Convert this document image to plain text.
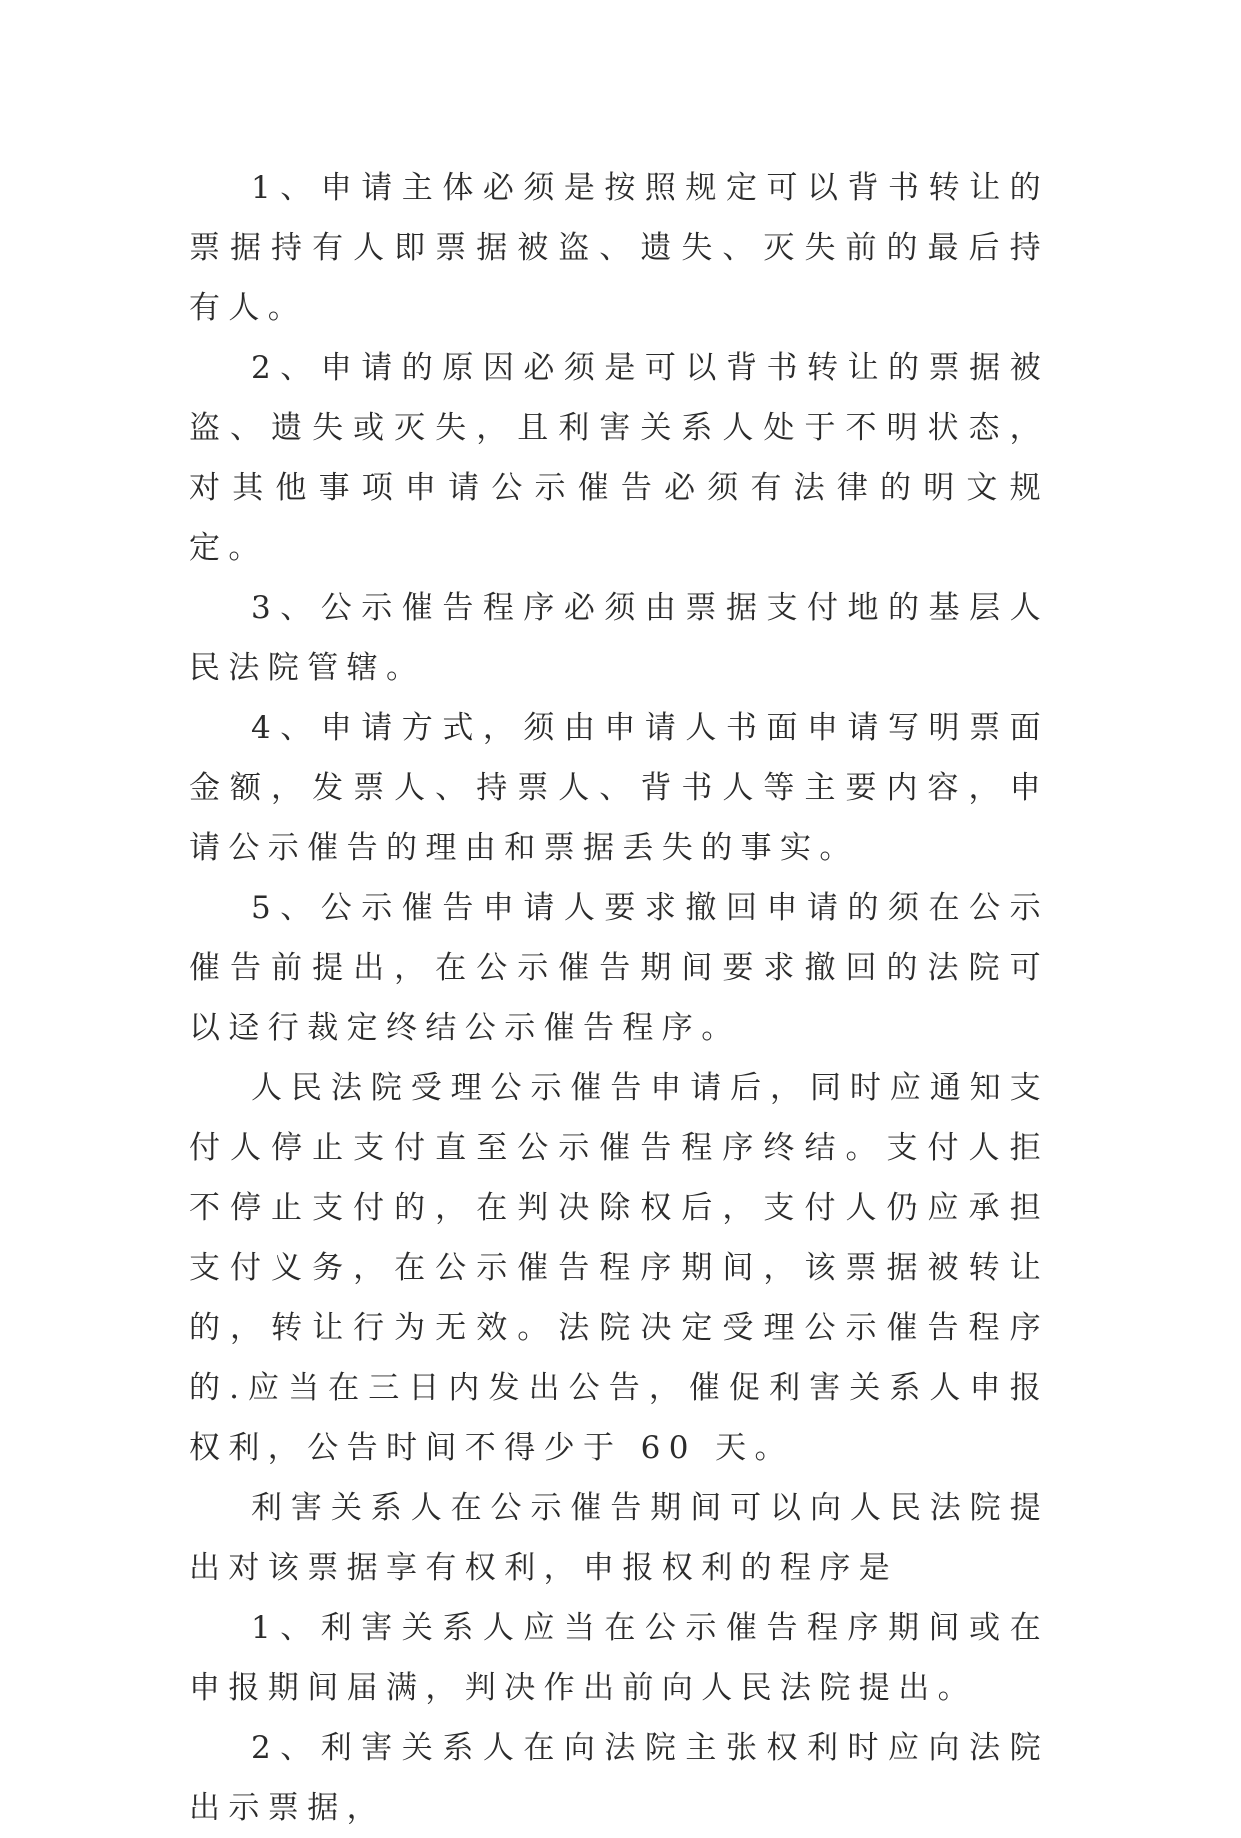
1、申请主体必须是按照规定可以背书转让的票据持有人即票据被盗、遗失、灭失前的最后持有人。

2、申请的原因必须是可以背书转让的票据被盗、遗失或灭失，且利害关系人处于不明状态，对其他事项申请公示催告必须有法律的明文规定。

3、公示催告程序必须由票据支付地的基层人民法院管辖。

4、申请方式，须由申请人书面申请写明票面金额，发票人、持票人、背书人等主要内容，申请公示催告的理由和票据丢失的事实。

5、公示催告申请人要求撤回申请的须在公示催告前提出，在公示催告期间要求撤回的法院可以迳行裁定终结公示催告程序。

人民法院受理公示催告申请后，同时应通知支付人停止支付直至公示催告程序终结。支付人拒不停止支付的，在判决除权后，支付人仍应承担支付义务，在公示催告程序期间，该票据被转让的，转让行为无效。法院决定受理公示催告程序的.应当在三日内发出公告，催促利害关系人申报权利，公告时间不得少于 60 天。

利害关系人在公示催告期间可以向人民法院提出对该票据享有权利，申报权利的程序是

1、利害关系人应当在公示催告程序期间或在申报期间届满，判决作出前向人民法院提出。

2、利害关系人在向法院主张权利时应向法院出示票据，
